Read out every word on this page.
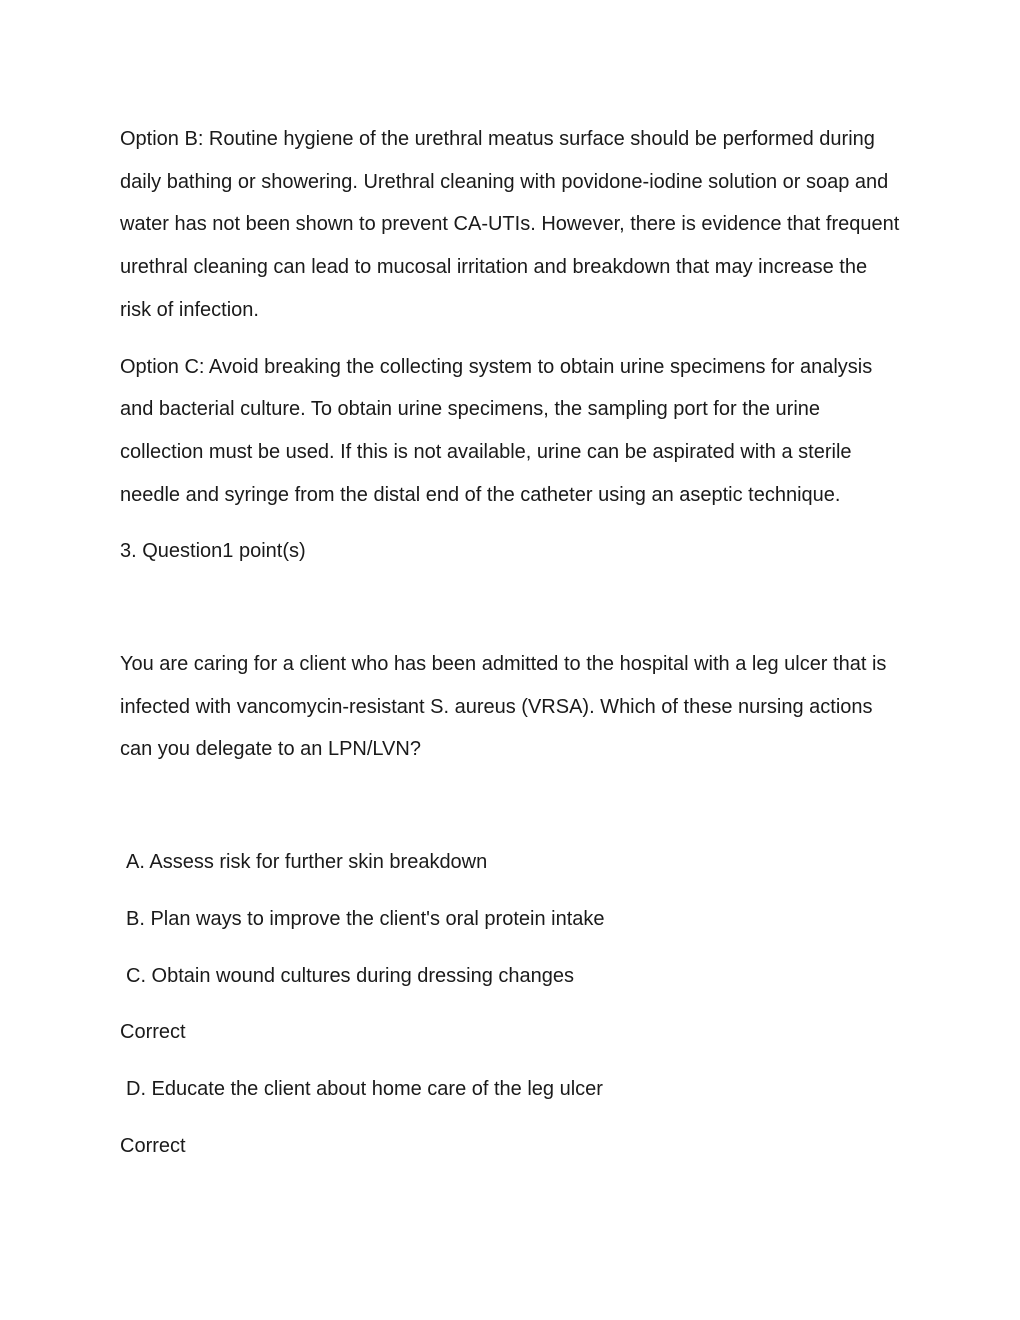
Option B: Routine hygiene of the urethral meatus surface should be performed during daily bathing or showering. Urethral cleaning with povidone-iodine solution or soap and water has not been shown to prevent CA-UTIs. However, there is evidence that frequent urethral cleaning can lead to mucosal irritation and breakdown that may increase the risk of infection.

Option C: Avoid breaking the collecting system to obtain urine specimens for analysis and bacterial culture. To obtain urine specimens, the sampling port for the urine collection must be used. If this is not available, urine can be aspirated with a sterile needle and syringe from the distal end of the catheter using an aseptic technique.

3. Question1 point(s)

You are caring for a client who has been admitted to the hospital with a leg ulcer that is infected with vancomycin-resistant S. aureus (VRSA). Which of these nursing actions can you delegate to an LPN/LVN?

A. Assess risk for further skin breakdown

B. Plan ways to improve the client's oral protein intake

C. Obtain wound cultures during dressing changes

Correct

D. Educate the client about home care of the leg ulcer

Correct
